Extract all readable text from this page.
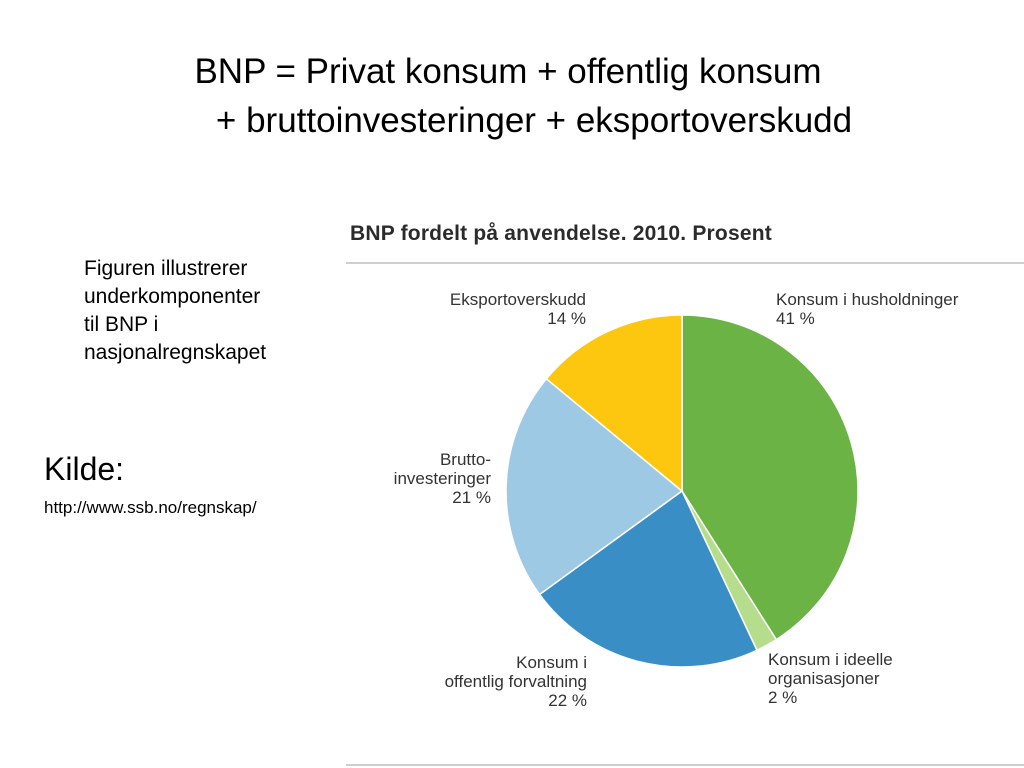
BNP = Privat konsum + offentlig konsum
+ bruttoinvesteringer + eksportoverskudd
Figuren illustrerer
underkomponenter
til BNP i
nasjonalregnskapet
Kilde:
http://www.ssb.no/regnskap/
BNP fordelt på anvendelse. 2010. Prosent
Konsum i husholdninger 41 %
Konsum i ideelle organisasjoner 2 %
Konsum i offentlig forvaltning 22 %
Brutto-investeringer 21 %
Eksportoverskudd 14 %
